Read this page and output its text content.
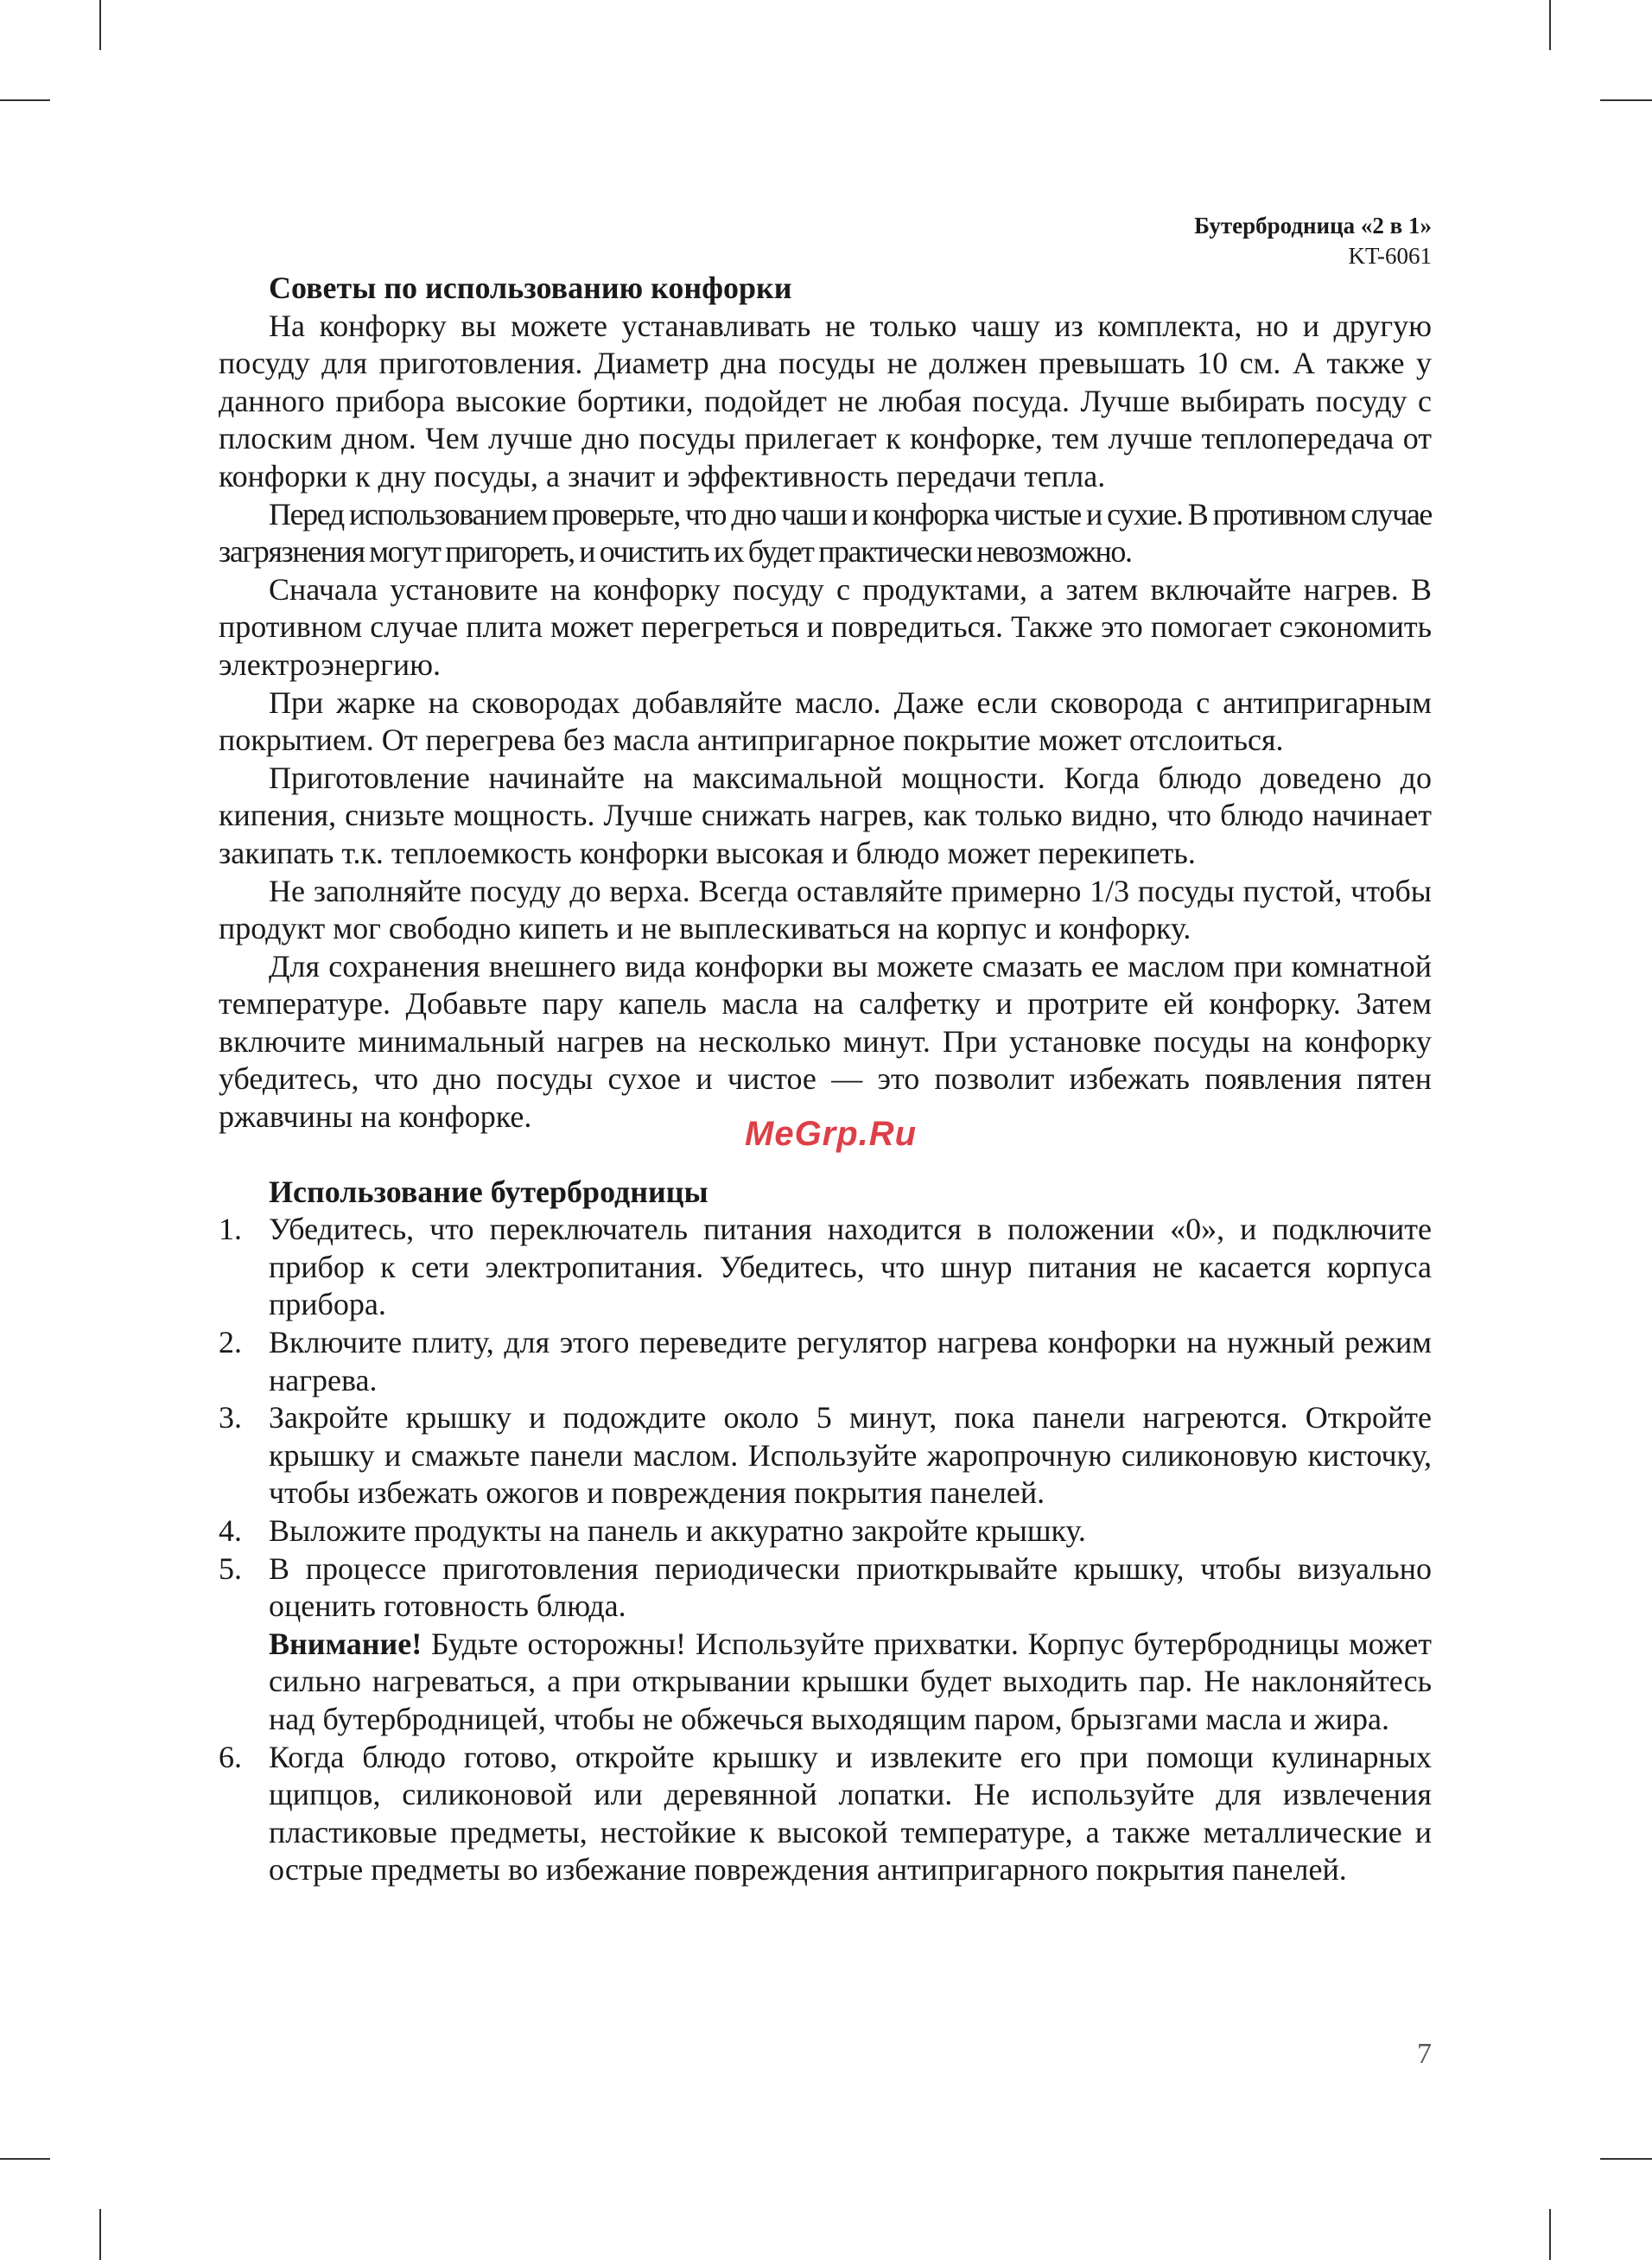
Бутербродница «2 в 1»
KT-6061
Советы по использованию конфорки

На конфорку вы можете устанавливать не только чашу из комплекта, но и другую посуду для приготовления. Диаметр дна посуды не должен превышать 10 см. А также у данного прибора высокие бортики, подойдет не любая посуда. Лучше выбирать посуду с плоским дном. Чем лучше дно посуды прилегает к конфорке, тем лучше теплопередача от конфорки к дну посуды, а значит и эффективность передачи тепла.

Перед использованием проверьте, что дно чаши и конфорка чистые и сухие. В противном случае загрязнения могут пригореть, и очистить их будет практически невозможно.

Сначала установите на конфорку посуду с продуктами, а затем включайте нагрев. В противном случае плита может перегреться и повредиться. Также это помогает сэкономить электроэнергию.

При жарке на сковородах добавляйте масло. Даже если сковорода с антипригарным покрытием. От перегрева без масла антипригарное покрытие может отслоиться.

Приготовление начинайте на максимальной мощности. Когда блюдо доведено до кипения, снизьте мощность. Лучше снижать нагрев, как только видно, что блюдо начинает закипать т.к. теплоемкость конфорки высокая и блюдо может перекипеть.

Не заполняйте посуду до верха. Всегда оставляйте примерно 1/3 посуды пустой, чтобы продукт мог свободно кипеть и не выплескиваться на корпус и конфорку.

Для сохранения внешнего вида конфорки вы можете смазать ее маслом при комнатной температуре. Добавьте пару капель масла на салфетку и протрите ей конфорку. Затем включите минимальный нагрев на несколько минут. При установке посуды на конфорку убедитесь, что дно посуды сухое и чистое — это позволит избежать появления пятен ржавчины на конфорке.

Использование бутербродницы
1. Убедитесь, что переключатель питания находится в положении «0», и подключите прибор к сети электропитания. Убедитесь, что шнур питания не касается корпуса прибора.
2. Включите плиту, для этого переведите регулятор нагрева конфорки на нужный режим нагрева.
3. Закройте крышку и подождите около 5 минут, пока панели нагреются. Откройте крышку и смажьте панели маслом. Используйте жаропрочную силиконовую кисточку, чтобы избежать ожогов и повреждения покрытия панелей.
4. Выложите продукты на панель и аккуратно закройте крышку.
5. В процессе приготовления периодически приоткрывайте крышку, чтобы визуально оценить готовность блюда.
Внимание! Будьте осторожны! Используйте прихватки. Корпус бутербродницы может сильно нагреваться, а при открывании крышки будет выходить пар. Не наклоняйтесь над бутербродницей, чтобы не обжечься выходящим паром, брызгами масла и жира.
6. Когда блюдо готово, откройте крышку и извлеките его при помощи кулинарных щипцов, силиконовой или деревянной лопатки. Не используйте для извлечения пластиковые предметы, нестойкие к высокой температуре, а также металлические и острые предметы во избежание повреждения антипригарного покрытия панелей.
MeGrp.Ru
7
